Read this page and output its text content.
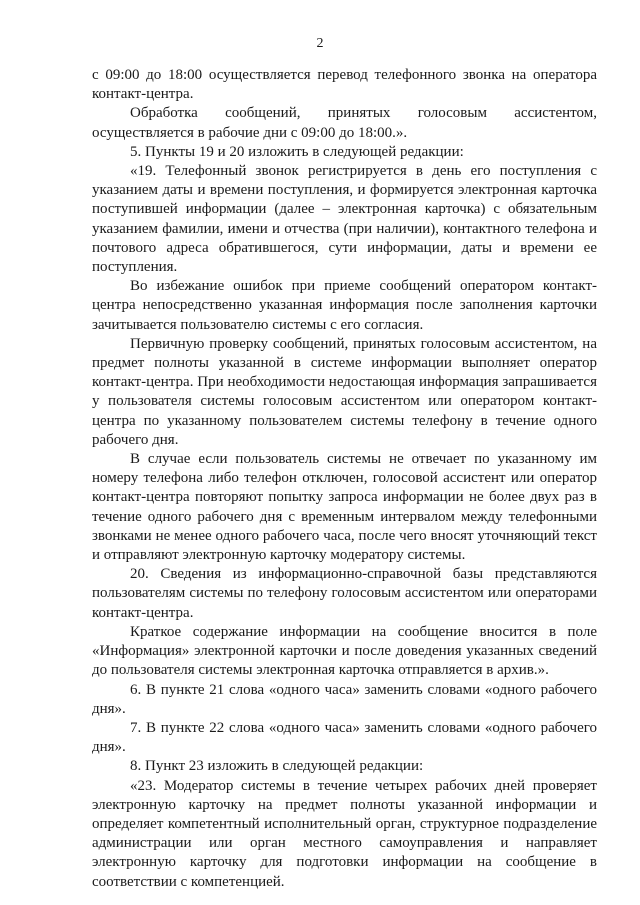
2

с 09:00 до 18:00 осуществляется перевод телефонного звонка на оператора контакт-центра.

Обработка сообщений, принятых голосовым ассистентом, осуществляется в рабочие дни с 09:00 до 18:00.».

5. Пункты 19 и 20 изложить в следующей редакции:

«19. Телефонный звонок регистрируется в день его поступления с указанием даты и времени поступления, и формируется электронная карточка поступившей информации (далее – электронная карточка) с обязательным указанием фамилии, имени и отчества (при наличии), контактного телефона и почтового адреса обратившегося, сути информации, даты и времени ее поступления.

Во избежание ошибок при приеме сообщений оператором контакт-центра непосредственно указанная информация после заполнения карточки зачитывается пользователю системы с его согласия.

Первичную проверку сообщений, принятых голосовым ассистентом, на предмет полноты указанной в системе информации выполняет оператор контакт-центра. При необходимости недостающая информация запрашивается у пользователя системы голосовым ассистентом или оператором контакт-центра по указанному пользователем системы телефону в течение одного рабочего дня.

В случае если пользователь системы не отвечает по указанному им номеру телефона либо телефон отключен, голосовой ассистент или оператор контакт-центра повторяют попытку запроса информации не более двух раз в течение одного рабочего дня с временным интервалом между телефонными звонками не менее одного рабочего часа, после чего вносят уточняющий текст и отправляют электронную карточку модератору системы.

20. Сведения из информационно-справочной базы представляются пользователям системы по телефону голосовым ассистентом или операторами контакт-центра.

Краткое содержание информации на сообщение вносится в поле «Информация» электронной карточки и после доведения указанных сведений до пользователя системы электронная карточка отправляется в архив.».

6. В пункте 21 слова «одного часа» заменить словами «одного рабочего дня».

7. В пункте 22 слова «одного часа» заменить словами «одного рабочего дня».

8. Пункт 23 изложить в следующей редакции:

«23. Модератор системы в течение четырех рабочих дней проверяет электронную карточку на предмет полноты указанной информации и определяет компетентный исполнительный орган, структурное подразделение администрации или орган местного самоуправления и направляет электронную карточку для подготовки информации на сообщение в соответствии с компетенцией.
